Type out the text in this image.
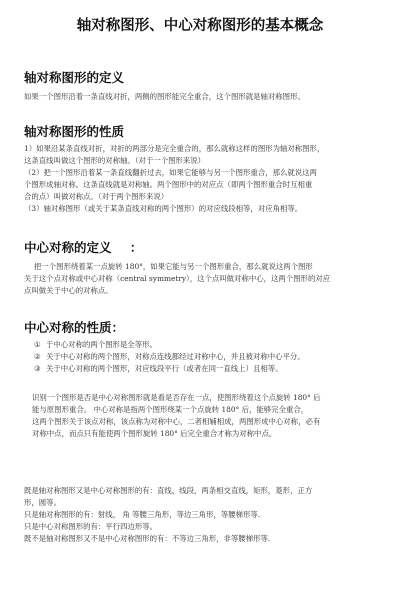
轴对称图形、中心对称图形的基本概念
轴对称图形的定义
如果一个图形沿着一条直线对折，两侧的图形能完全重合，这个图形就是轴对称图形。
轴对称图形的性质
1）如果沿某条直线对折，对折的两部分是完全重合的，那么就称这样的图形为轴对称图形，
这条直线叫做这个图形的对称轴。（对于一个图形来说）
（2）把一个图形沿着某一条直线翻折过去，如果它能够与另一个图形重合，那么就说这两
个图形成轴对称。这条直线就是对称轴。两个图形中的对应点（即两个图形重合时互相重
合的点）叫做对称点。（对于两个图形来说）
（3）轴对称图形（或关于某条直线对称的两个图形）的对应线段相等，对应角相等。
中心对称的定义 ：
把一个图形绕着某一点旋转 180°，如果它能与另一个图形重合，那么就说这两个图形
关于这个点对称或中心对称（central symmetry），这个点叫做对称中心，这两个图形的对应
点叫做关于中心的对称点。
中心对称的性质：
① 于中心对称的两个图形是全等形。
② 关于中心对称的两个图形，对称点连线都经过对称中心，并且被对称中心平分。
③ 关于中心对称的两个图形，对应线段平行（或者在同一直线上）且相等。
识别一个图形是否是中心对称图形就是看是否存在一点，使图形绕着这个点旋转 180° 后
能与原图形重合。 中心对称是指两个图形绕某一个点旋转 180° 后，能够完全重合，
这两个图形关于该点对称，该点称为对称中心，二者相辅相成，两图形成中心对称，必有
对称中点，而点只有能使两个图形旋转 180° 后完全重合才称为对称中点。
既是轴对称图形又是中心对称图形的有：直线，线段，两条相交直线，矩形，菱形，正方
形，圆等。
只是轴对称图形的有：射线， 角 等腰三角形，等边三角形，等腰梯形等.
只是中心对称图形的有：平行四边形等。
既不是轴对称图形又不是中心对称图形的有：不等边三角形，非等腰梯形等.
